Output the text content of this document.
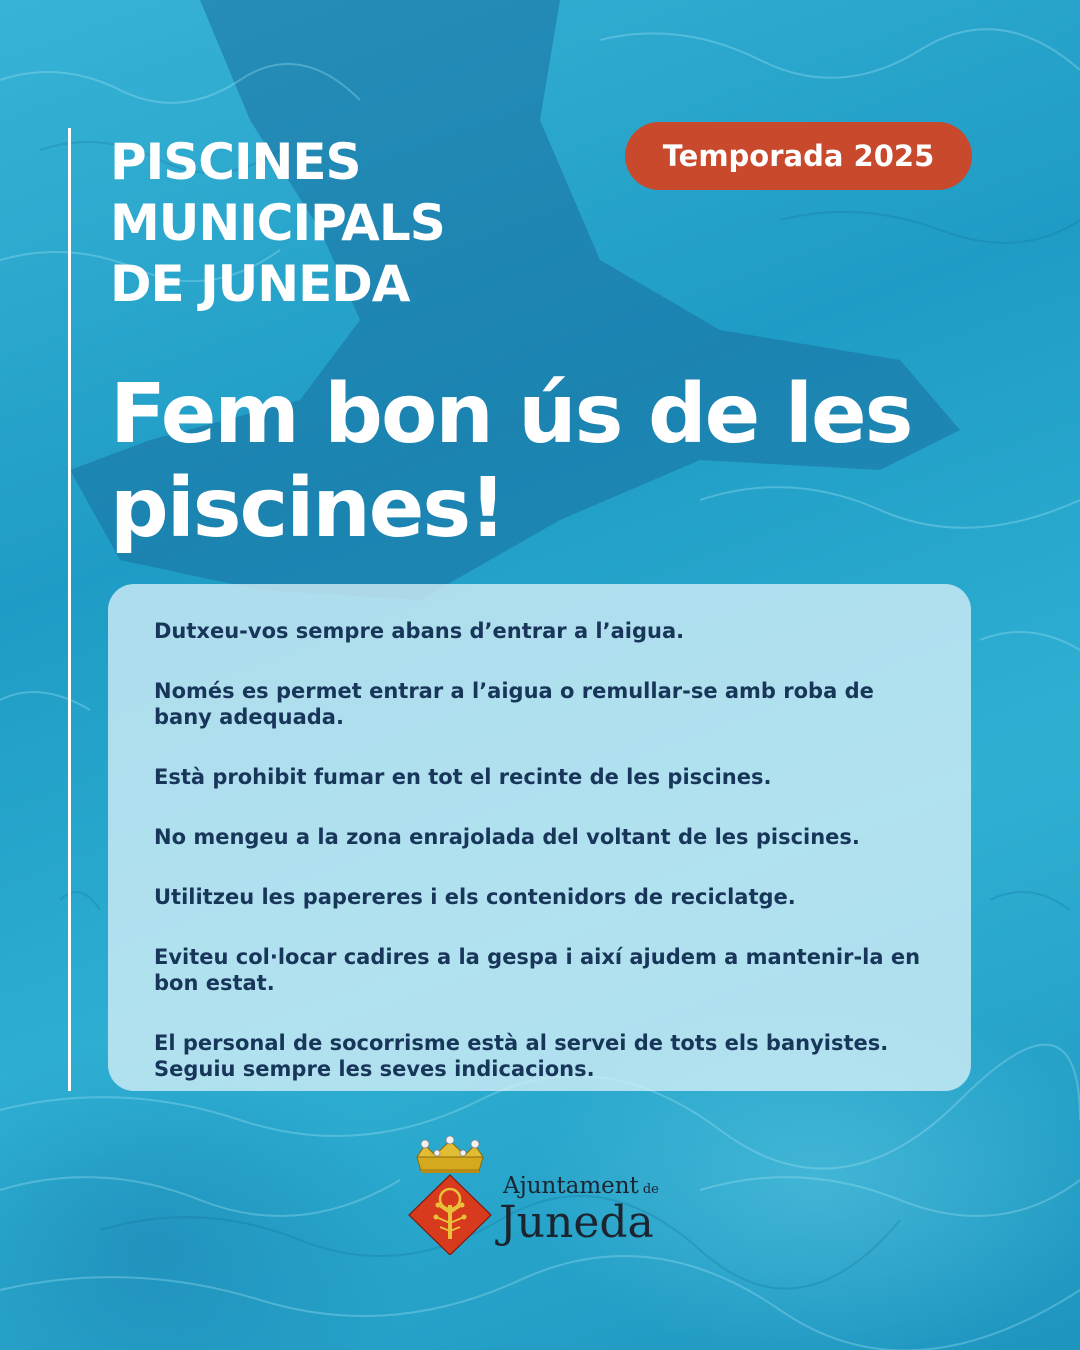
PISCINES
MUNICIPALS
DE JUNEDA
Temporada 2025
Fem bon ús de les
piscines!

Dutxeu-vos sempre abans d’entrar a l’aigua.

Només es permet entrar a l’aigua o remullar-se amb roba de bany adequada.

Està prohibit fumar en tot el recinte de les piscines.

No mengeu a la zona enrajolada del voltant de les piscines.

Utilitzeu les papereres i els contenidors de reciclatge.

Eviteu col·locar cadires a la gespa i així ajudem a mantenir-la en bon estat.

El personal de socorrisme està al servei de tots els banyistes. Seguiu sempre les seves indicacions.

Ajuntament de
Juneda
